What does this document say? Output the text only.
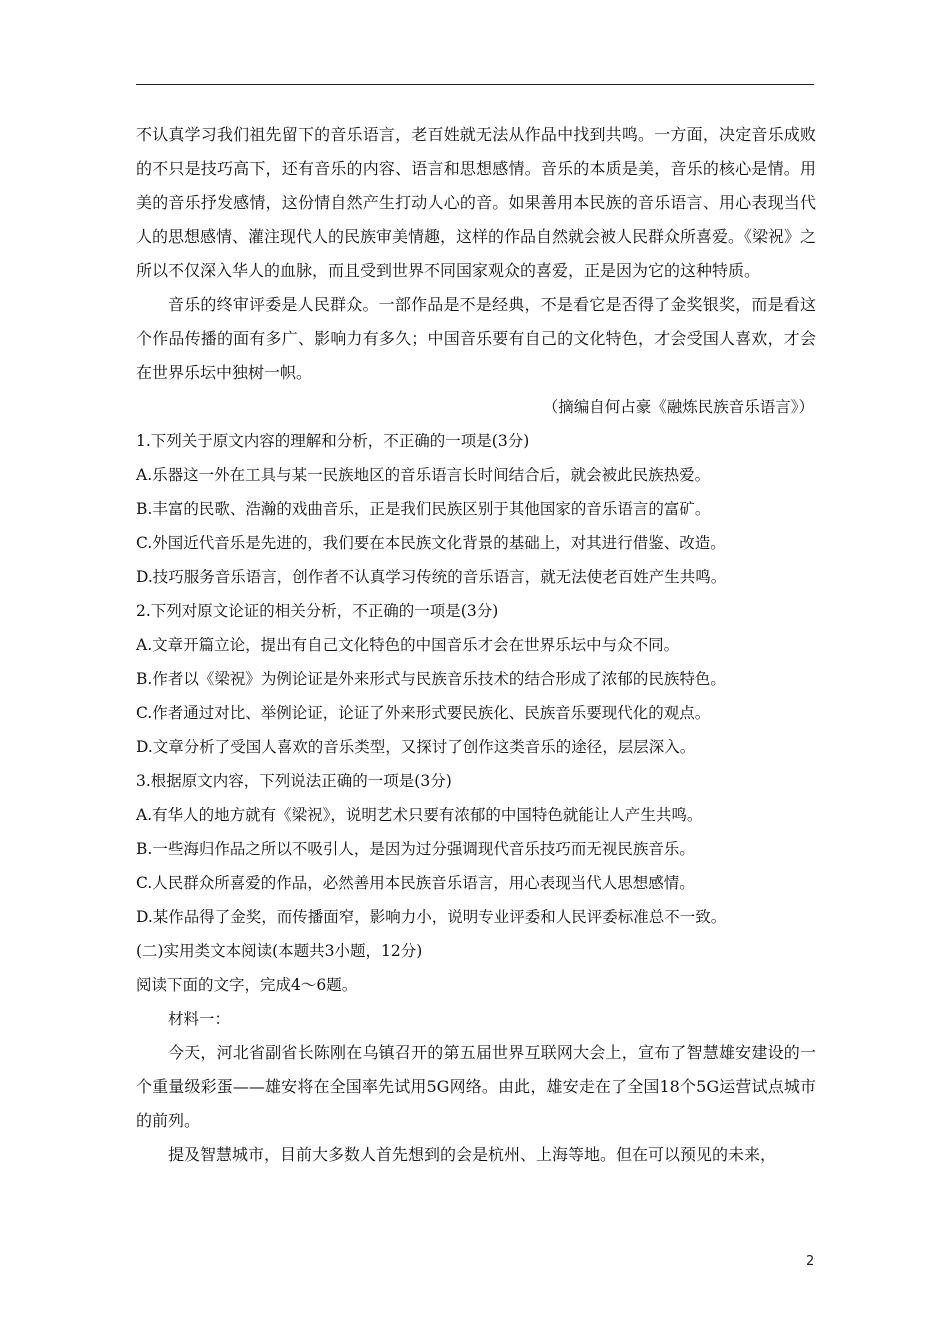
不认真学习我们祖先留下的音乐语言，老百姓就无法从作品中找到共鸣。一方面，决定音乐成败的不只是技巧高下，还有音乐的内容、语言和思想感情。音乐的本质是美，音乐的核心是情。用美的音乐抒发感情，这份情自然产生打动人心的音。如果善用本民族的音乐语言、用心表现当代人的思想感情、灌注现代人的民族审美情趣，这样的作品自然就会被人民群众所喜爱。《梁祝》之所以不仅深入华人的血脉，而且受到世界不同国家观众的喜爱，正是因为它的这种特质。

音乐的终审评委是人民群众。一部作品是不是经典，不是看它是否得了金奖银奖，而是看这个作品传播的面有多广、影响力有多久；中国音乐要有自己的文化特色，才会受国人喜欢，才会在世界乐坛中独树一帜。

（摘编自何占豪《融炼民族音乐语言》）

1.下列关于原文内容的理解和分析，不正确的一项是(3分)

A.乐器这一外在工具与某一民族地区的音乐语言长时间结合后，就会被此民族热爱。

B.丰富的民歌、浩瀚的戏曲音乐，正是我们民族区别于其他国家的音乐语言的富矿。

C.外国近代音乐是先进的，我们要在本民族文化背景的基础上，对其进行借鉴、改造。

D.技巧服务音乐语言，创作者不认真学习传统的音乐语言，就无法使老百姓产生共鸣。

2.下列对原文论证的相关分析，不正确的一项是(3分)

A.文章开篇立论，提出有自己文化特色的中国音乐才会在世界乐坛中与众不同。

B.作者以《梁祝》为例论证是外来形式与民族音乐技术的结合形成了浓郁的民族特色。

C.作者通过对比、举例论证，论证了外来形式要民族化、民族音乐要现代化的观点。

D.文章分析了受国人喜欢的音乐类型，又探讨了创作这类音乐的途径，层层深入。

3.根据原文内容，下列说法正确的一项是(3分)

A.有华人的地方就有《梁祝》，说明艺术只要有浓郁的中国特色就能让人产生共鸣。

B.一些海归作品之所以不吸引人，是因为过分强调现代音乐技巧而无视民族音乐。

C.人民群众所喜爱的作品，必然善用本民族音乐语言，用心表现当代人思想感情。

D.某作品得了金奖，而传播面窄，影响力小，说明专业评委和人民评委标准总不一致。

(二)实用类文本阅读(本题共3小题，12分)

阅读下面的文字，完成4～6题。

材料一：

今天，河北省副省长陈刚在乌镇召开的第五届世界互联网大会上，宣布了智慧雄安建设的一个重量级彩蛋——雄安将在全国率先试用5G网络。由此，雄安走在了全国18个5G运营试点城市的前列。

提及智慧城市，目前大多数人首先想到的会是杭州、上海等地。但在可以预见的未来，

2
